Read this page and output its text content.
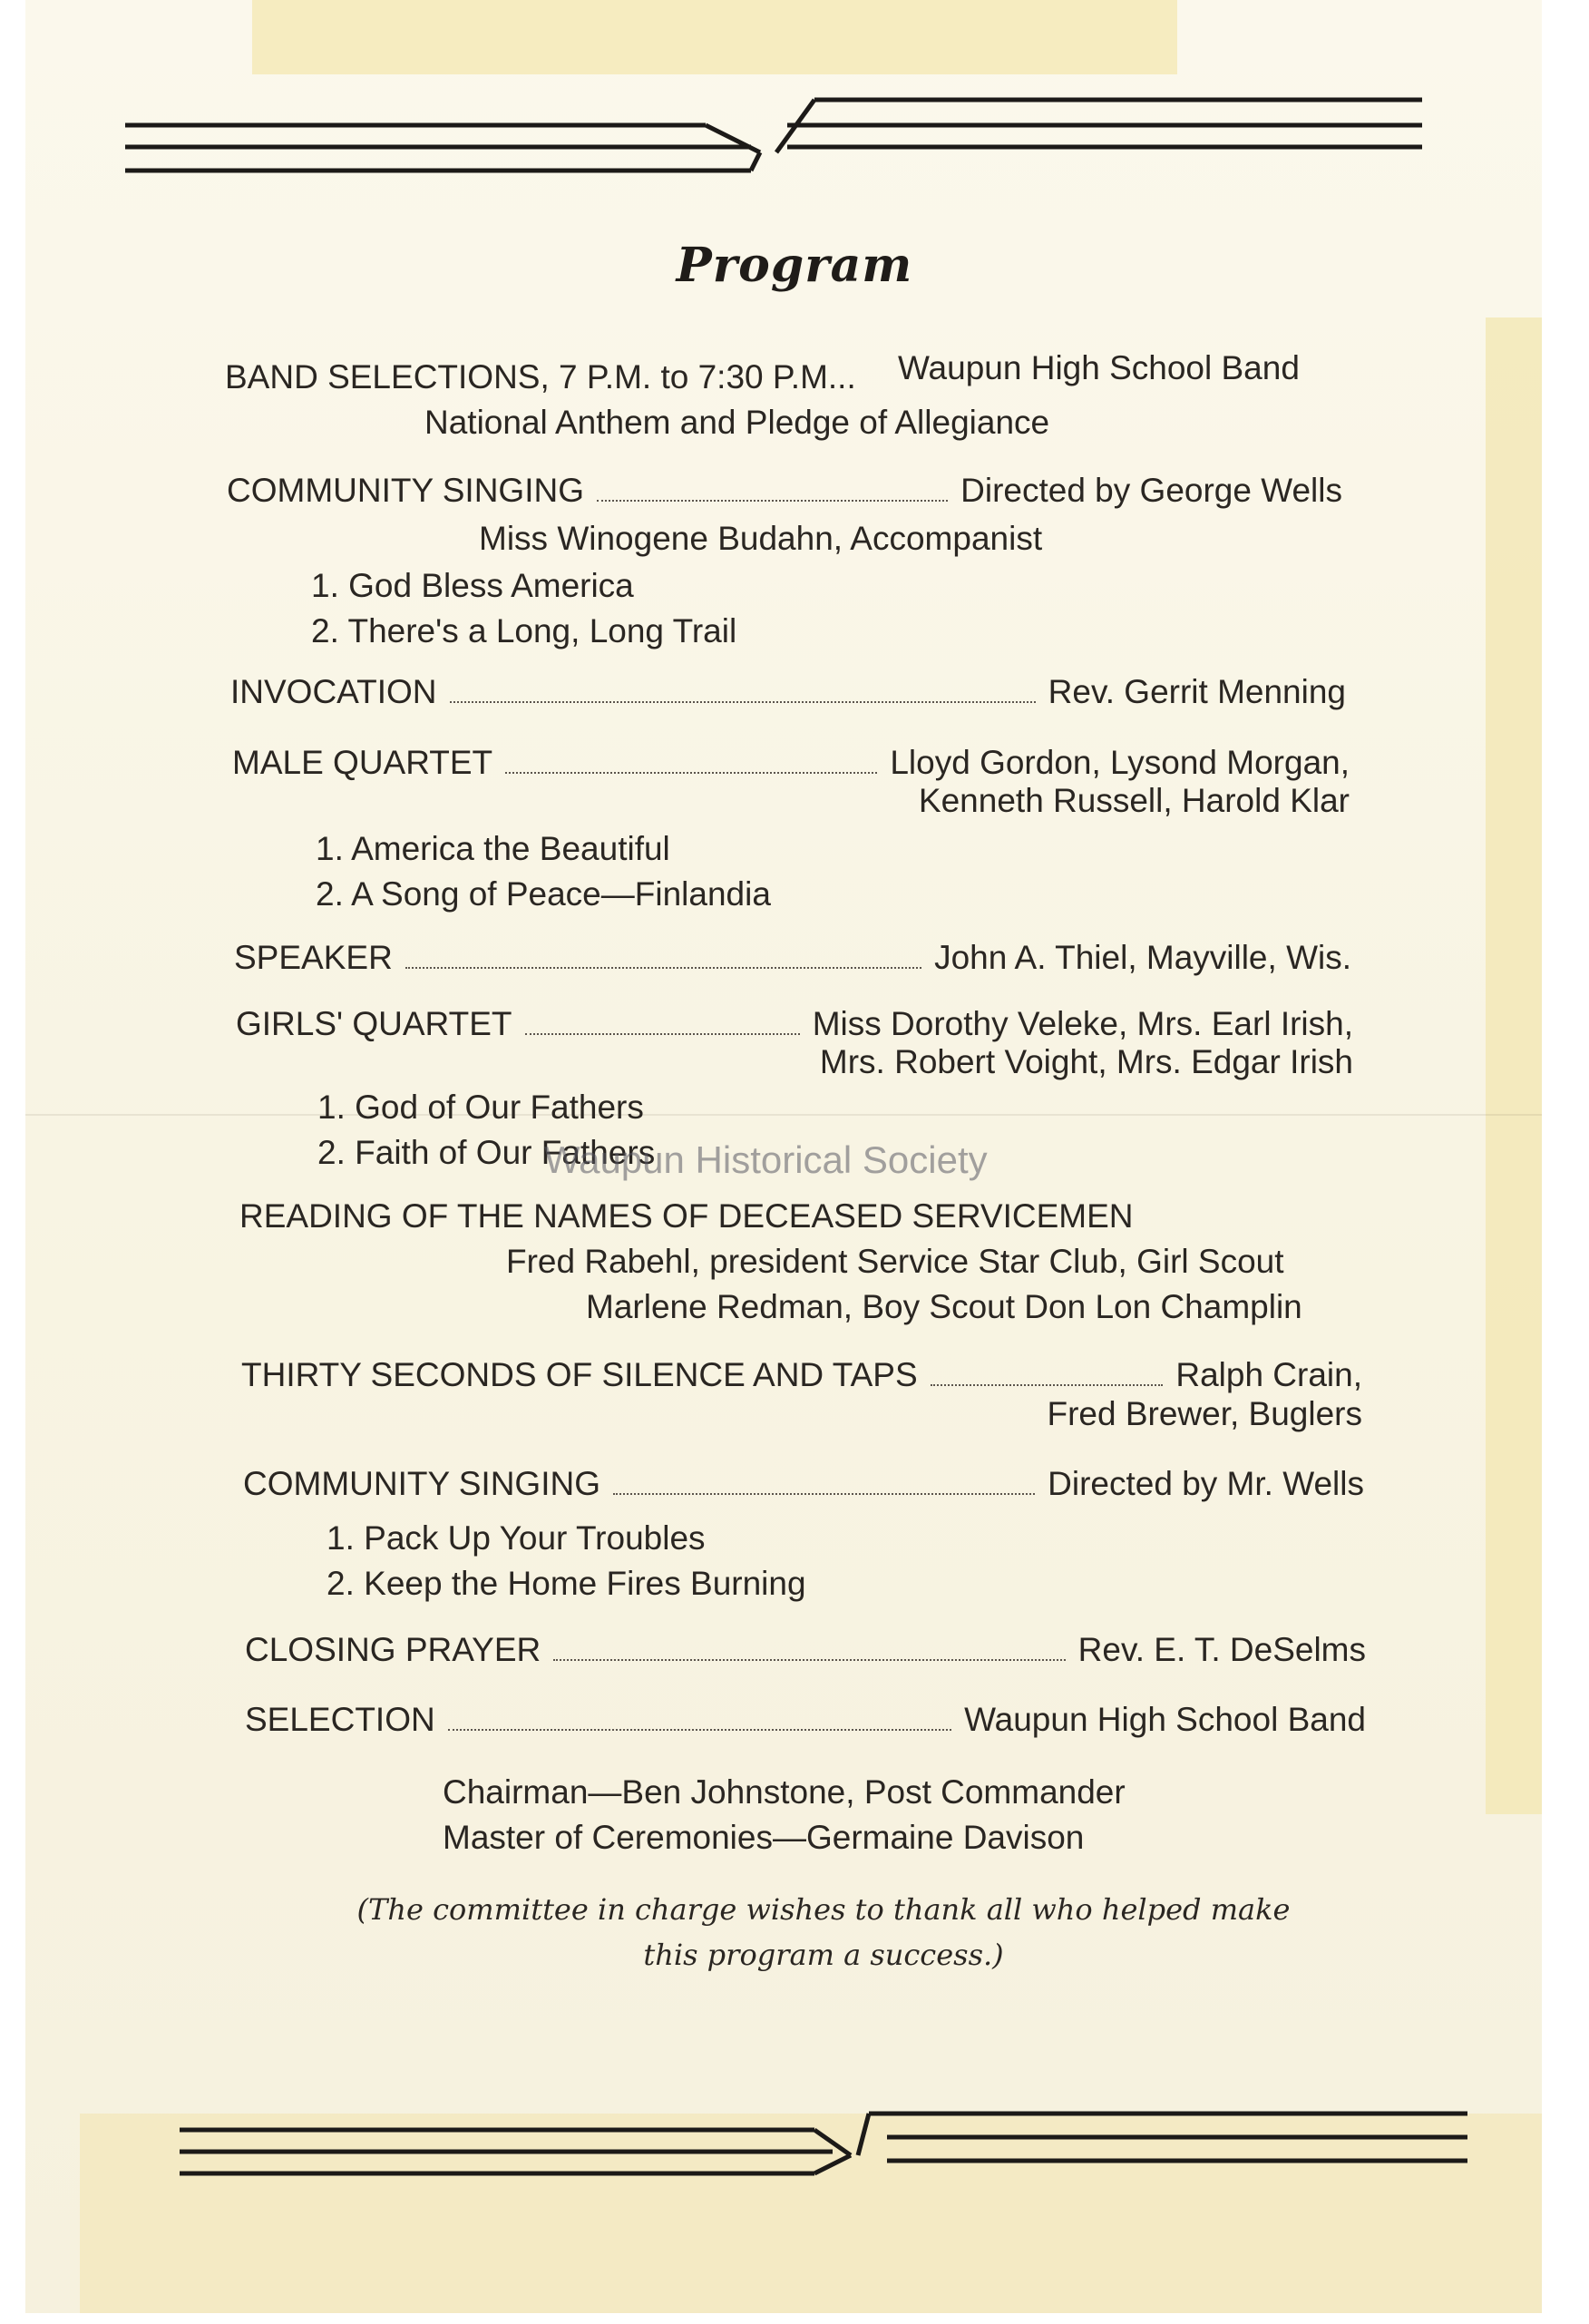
Program
BAND SELECTIONS, 7 P.M. to 7:30 P.M... Waupun High School Band
National Anthem and Pledge of Allegiance
COMMUNITY SINGING	Directed by George Wells
Miss Winogene Budahn, Accompanist
1. God Bless America
2. There's a Long, Long Trail
INVOCATION	Rev. Gerrit Menning
MALE QUARTET	Lloyd Gordon, Lysond Morgan,
Kenneth Russell, Harold Klar
1. America the Beautiful
2. A Song of Peace—Finlandia
SPEAKER	John A. Thiel, Mayville, Wis.
GIRLS' QUARTET	Miss Dorothy Veleke, Mrs. Earl Irish,
Mrs. Robert Voight, Mrs. Edgar Irish
1. God of Our Fathers
2. Faith of Our Fathers
Waupun Historical Society
READING OF THE NAMES OF DECEASED SERVICEMEN
Fred Rabehl, president Service Star Club, Girl Scout
Marlene Redman, Boy Scout Don Lon Champlin
THIRTY SECONDS OF SILENCE AND TAPS	Ralph Crain,
Fred Brewer, Buglers
COMMUNITY SINGING	Directed by Mr. Wells
1. Pack Up Your Troubles
2. Keep the Home Fires Burning
CLOSING PRAYER	Rev. E. T. DeSelms
SELECTION	Waupun High School Band
Chairman—Ben Johnstone, Post Commander
Master of Ceremonies—Germaine Davison
(The committee in charge wishes to thank all who helped make
this program a success.)
